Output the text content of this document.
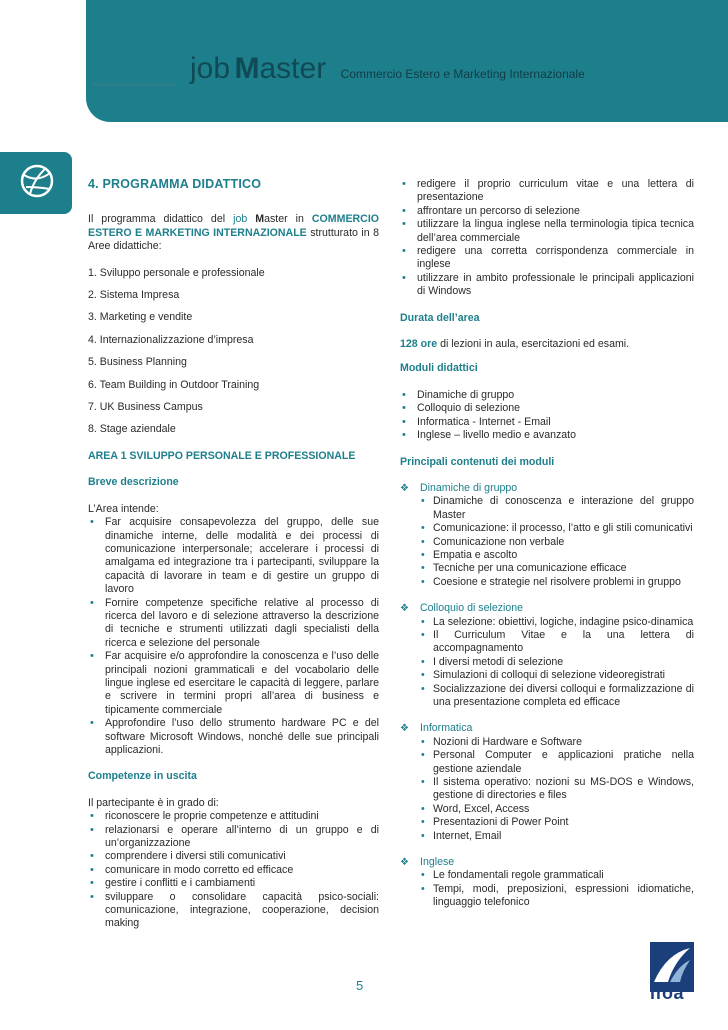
job Master Commercio Estero e Marketing Internazionale
4. PROGRAMMA DIDATTICO

Il programma didattico del job Master in COMMERCIO ESTERO E MARKETING INTERNAZIONALE strutturato in 8 Aree didattiche:

1. Sviluppo personale e professionale
2. Sistema Impresa
3. Marketing e vendite
4. Internazionalizzazione d’impresa
5. Business Planning
6. Team Building in Outdoor Training
7. UK Business Campus
8. Stage aziendale
AREA 1 SVILUPPO PERSONALE E PROFESSIONALE
Breve descrizione

L’Area intende:

• Far acquisire consapevolezza del gruppo, delle sue dinamiche interne, delle modalità e dei processi di comunicazione interpersonale; accelerare i processi di amalgama ed integrazione tra i partecipanti, sviluppare la capacità di lavorare in team e di gestire un gruppo di lavoro
• Fornire competenze specifiche relative al processo di ricerca del lavoro e di selezione attraverso la descrizione di tecniche e strumenti utilizzati dagli specialisti della ricerca e selezione del personale
• Far acquisire e/o approfondire la conoscenza e l’uso delle principali nozioni grammaticali e del vocabolario delle lingue inglese ed esercitare le capacità di leggere, parlare e scrivere in termini propri all’area di business e tipicamente commerciale
• Approfondire l’uso dello strumento hardware PC e del software Microsoft Windows, nonché delle sue principali applicazioni.
Competenze in uscita

Il partecipante è in grado di:

• riconoscere le proprie competenze e attitudini
• relazionarsi e operare all’interno di un gruppo e di un’organizzazione
• comprendere i diversi stili comunicativi
• comunicare in modo corretto ed efficace
• gestire i conflitti e i cambiamenti
• sviluppare o consolidare capacità psico-sociali: comunicazione, integrazione, cooperazione, decision making
• redigere il proprio curriculum vitae e una lettera di presentazione
• affrontare un percorso di selezione
• utilizzare la lingua inglese nella terminologia tipica tecnica dell’area commerciale
• redigere una corretta corrispondenza commerciale in inglese
• utilizzare in ambito professionale le principali applicazioni di Windows
Durata dell’area

128 ore di lezioni in aula, esercitazioni ed esami.

Moduli didattici
• Dinamiche di gruppo
• Colloquio di selezione
• Informatica - Internet - Email
• Inglese – livello medio e avanzato
Principali contenuti dei moduli
❖ Dinamiche di gruppo
• Dinamiche di conoscenza e interazione del gruppo Master
• Comunicazione: il processo, l’atto e gli stili comunicativi
• Comunicazione non verbale
• Empatia e ascolto
• Tecniche per una comunicazione efficace
• Coesione e strategie nel risolvere problemi in gruppo
❖ Colloquio di selezione
• La selezione: obiettivi, logiche, indagine psico-dinamica
• Il Curriculum Vitae e la una lettera di accompagnamento
• I diversi metodi di selezione
• Simulazioni di colloqui di selezione videoregistrati
• Socializzazione dei diversi colloqui e formalizzazione di una presentazione completa ed efficace
❖ Informatica
• Nozioni di Hardware e Software
• Personal Computer e applicazioni pratiche nella gestione aziendale
• Il sistema operativo: nozioni su MS-DOS e Windows, gestione di directories e files
• Word, Excel, Access
• Presentazioni di Power Point
• Internet, Email
❖ Inglese
• Le fondamentali regole grammaticali
• Tempi, modi, preposizioni, espressioni idiomatiche, linguaggio telefonico
5	ifoa
